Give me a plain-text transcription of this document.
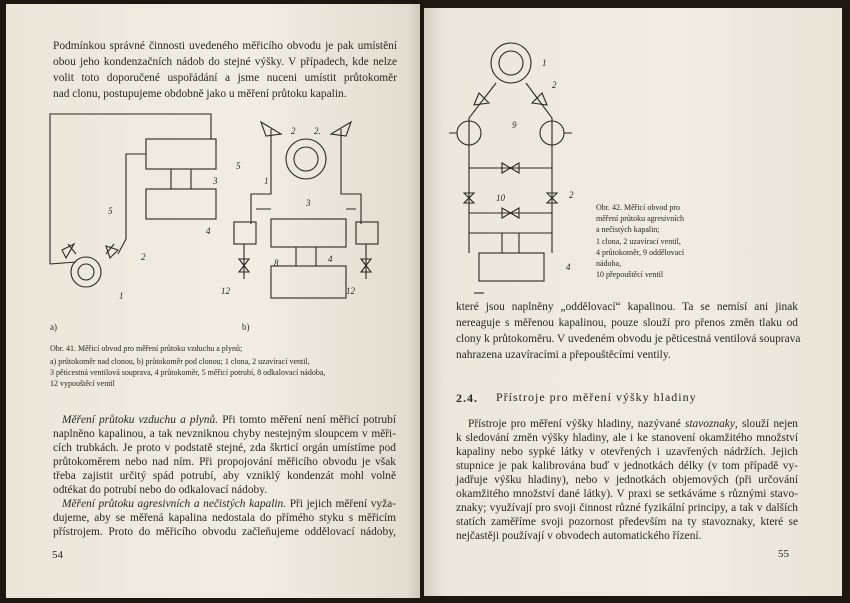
Podmínkou správné činnosti uvedeného měřicího obvodu je pak umístění
obou jeho kondenzačních nádob do stejné výšky. V případech, kde nelze
volit toto doporučené uspořádání a jsme nuceni umístit průtokoměr
nad clonu, postupujeme obdobně jako u měření průtoku kapalin.
5
3
4
2
1
2 2.
5
1
3
8	4
12	12
a)	b)
Obr. 41. Měřicí obvod pro měření průtoku vzduchu a plynů;
a) průtokoměr nad clonou, b) průtokoměr pod clonou; 1 clona, 2 uzavírací ventil,
3 pěticestná ventilová souprava, 4 průtokoměr, 5 měřicí potrubí, 8 odkalovací nádoba,
12 vypouštěcí ventil
Měření průtoku vzduchu a plynů. Při tomto měření není měřicí potrubí
naplněno kapalinou, a tak nevzniknou chyby nestejným sloupcem v měři-
cích trubkách. Je proto v podstatě stejné, zda škrticí orgán umístíme pod
průtokoměrem nebo nad ním. Při propojování měřicího obvodu je však
třeba zajistit určitý spád potrubí, aby vzniklý kondenzát mohl volně
odtékat do potrubí nebo do odkalovací nádoby.
Měření průtoku agresivních a nečistých kapalin. Při jejich měření vyža-
dujeme, aby se měřená kapalina nedostala do přímého styku s měřicím
přístrojem. Proto do měřicího obvodu začleňujeme oddělovací nádoby,
54
1
2
9
10	2
4
Obr. 42. Měřicí obvod pro
měření průtoku agresivních
a nečistých kapalin;
1 clona, 2 uzavírací ventil,
4 průtokoměr, 9 oddělovací
nádoba,
10 přepouštěcí ventil
které jsou naplněny „oddělovací“ kapalinou. Ta se nemísí ani jinak
nereaguje s měřenou kapalinou, pouze slouží pro přenos změn tlaku od
clony k průtokoměru. V uvedeném obvodu je pěticestná ventilová souprava
nahrazena uzavíracími a přepouštěcími ventily.
2.4. Přístroje pro měření výšky hladiny
Přístroje pro měření výšky hladiny, nazývané stavoznaky, slouží nejen
k sledování změn výšky hladiny, ale i ke stanovení okamžitého množství
kapaliny nebo sypké látky v otevřených i uzavřených nádržích. Jejich
stupnice je pak kalibrována buď v jednotkách délky (v tom případě vy-
jadřuje výšku hladiny), nebo v jednotkách objemových (při určování
okamžitého množství dané látky). V praxi se setkáváme s různými stavo-
znaky; využívají pro svoji činnost různé fyzikální principy, a tak v dalších
statích zaměříme svoji pozornost především na ty stavoznaky, které se
nejčastěji používají v obvodech automatického řízení.
55
